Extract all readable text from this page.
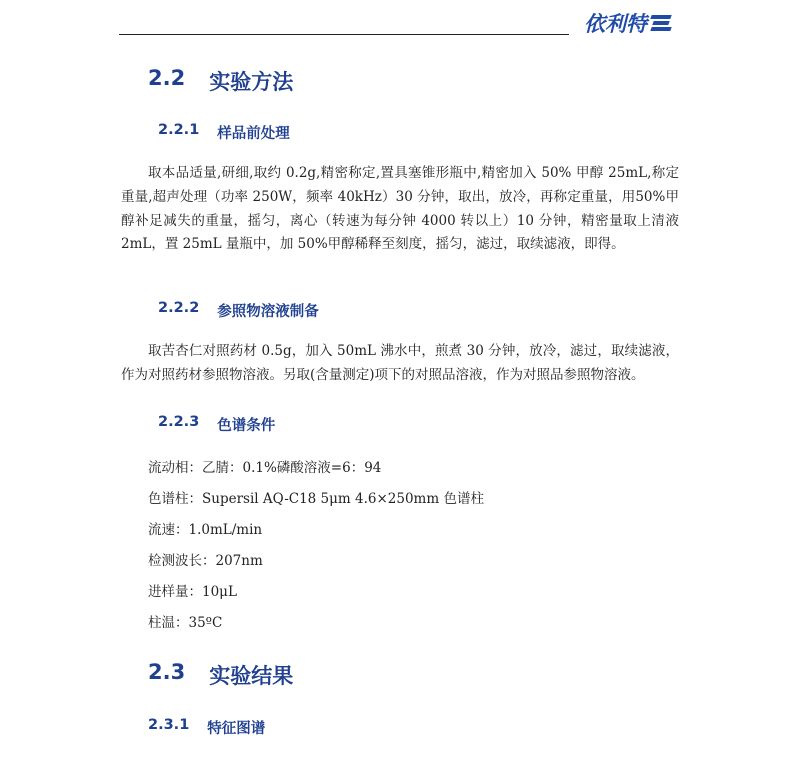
依利特
2.2 实验方法
2.2.1 样品前处理
取本品适量,研细,取约 0.2g,精密称定,置具塞锥形瓶中,精密加入 50% 甲醇 25mL,称定重量,超声处理（功率 250W，频率 40kHz）30 分钟，取出，放冷，再称定重量，用50%甲醇补足减失的重量，摇匀，离心（转速为每分钟 4000 转以上）10 分钟，精密量取上清液 2mL，置 25mL 量瓶中，加 50%甲醇稀释至刻度，摇匀，滤过，取续滤液，即得。
2.2.2 参照物溶液制备
取苦杏仁对照药材 0.5g，加入 50mL 沸水中，煎煮 30 分钟，放冷，滤过，取续滤液，作为对照药材参照物溶液。另取(含量测定)项下的对照品溶液，作为对照品参照物溶液。
2.2.3 色谱条件
流动相：乙腈：0.1%磷酸溶液=6：94
色谱柱：Supersil AQ-C18 5μm 4.6×250mm 色谱柱
流速：1.0mL/min
检测波长：207nm
进样量：10μL
柱温：35ºC
2.3 实验结果
2.3.1 特征图谱
